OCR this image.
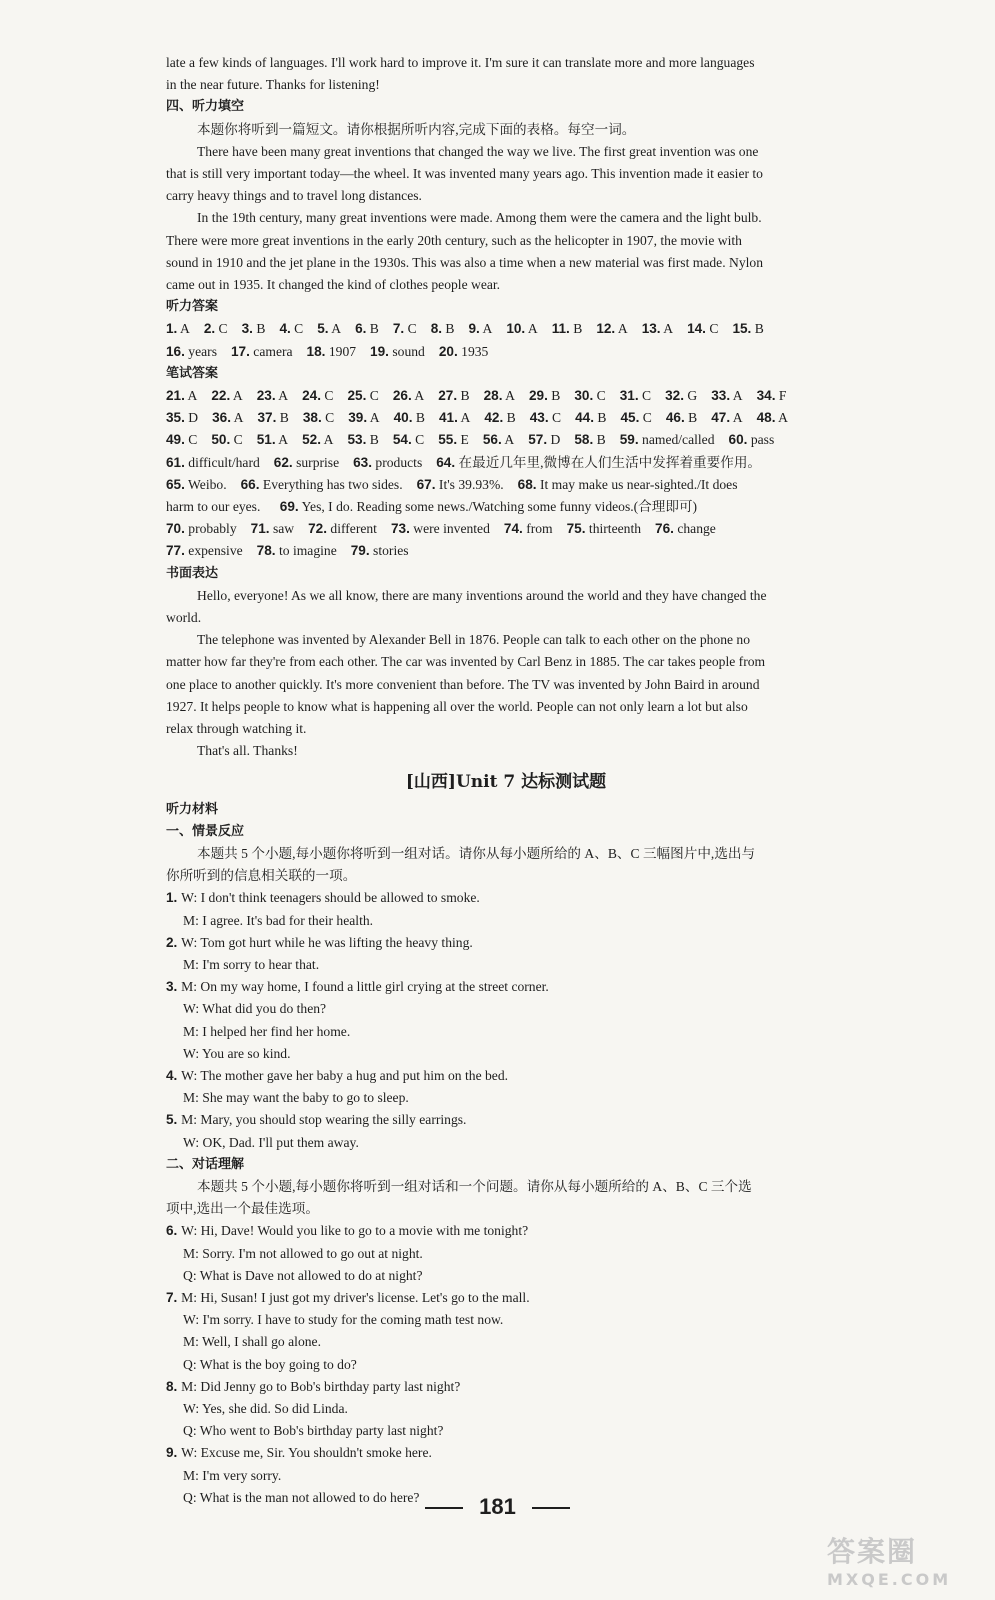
late a few kinds of languages. I'll work hard to improve it. I'm sure it can translate more and more languages
in the near future. Thanks for listening!
四、听力填空
本题你将听到一篇短文。请你根据所听内容,完成下面的表格。每空一词。
There have been many great inventions that changed the way we live. The first great invention was one
that is still very important today—the wheel. It was invented many years ago. This invention made it easier to
carry heavy things and to travel long distances.
In the 19th century, many great inventions were made. Among them were the camera and the light bulb.
There were more great inventions in the early 20th century, such as the helicopter in 1907, the movie with
sound in 1910 and the jet plane in the 1930s. This was also a time when a new material was first made. Nylon
came out in 1935. It changed the kind of clothes people wear.
听力答案
1. A 2. C 3. B 4. C 5. A 6. B 7. C 8. B 9. A 10. A 11. B 12. A 13. A 14. C 15. B
16. years 17. camera 18. 1907 19. sound 20. 1935
笔试答案
21. A 22. A 23. A 24. C 25. C 26. A 27. B 28. A 29. B 30. C 31. C 32. G 33. A 34. F
35. D 36. A 37. B 38. C 39. A 40. B 41. A 42. B 43. C 44. B 45. C 46. B 47. A 48. A
49. C 50. C 51. A 52. A 53. B 54. C 55. E 56. A 57. D 58. B 59. named/called 60. pass
61. difficult/hard 62. surprise 63. products 64. 在最近几年里,微博在人们生活中发挥着重要作用。
65. Weibo. 66. Everything has two sides. 67. It's 39.93%. 68. It may make us near-sighted./It does
harm to our eyes. 69. Yes, I do. Reading some news./Watching some funny videos.(合理即可)
70. probably 71. saw 72. different 73. were invented 74. from 75. thirteenth 76. change
77. expensive 78. to imagine 79. stories
书面表达
Hello, everyone! As we all know, there are many inventions around the world and they have changed the
world.
The telephone was invented by Alexander Bell in 1876. People can talk to each other on the phone no
matter how far they're from each other. The car was invented by Carl Benz in 1885. The car takes people from
one place to another quickly. It's more convenient than before. The TV was invented by John Baird in around
1927. It helps people to know what is happening all over the world. People can not only learn a lot but also
relax through watching it.
That's all. Thanks!
[山西]Unit 7 达标测试题
听力材料
一、情景反应
本题共 5 个小题,每小题你将听到一组对话。请你从每小题所给的 A、B、C 三幅图片中,选出与
你所听到的信息相关联的一项。
1. W: I don't think teenagers should be allowed to smoke.
M: I agree. It's bad for their health.
2. W: Tom got hurt while he was lifting the heavy thing.
M: I'm sorry to hear that.
3. M: On my way home, I found a little girl crying at the street corner.
W: What did you do then?
M: I helped her find her home.
W: You are so kind.
4. W: The mother gave her baby a hug and put him on the bed.
M: She may want the baby to go to sleep.
5. M: Mary, you should stop wearing the silly earrings.
W: OK, Dad. I'll put them away.
二、对话理解
本题共 5 个小题,每小题你将听到一组对话和一个问题。请你从每小题所给的 A、B、C 三个选
项中,选出一个最佳选项。
6. W: Hi, Dave! Would you like to go to a movie with me tonight?
M: Sorry. I'm not allowed to go out at night.
Q: What is Dave not allowed to do at night?
7. M: Hi, Susan! I just got my driver's license. Let's go to the mall.
W: I'm sorry. I have to study for the coming math test now.
M: Well, I shall go alone.
Q: What is the boy going to do?
8. M: Did Jenny go to Bob's birthday party last night?
W: Yes, she did. So did Linda.
Q: Who went to Bob's birthday party last night?
9. W: Excuse me, Sir. You shouldn't smoke here.
M: I'm very sorry.
Q: What is the man not allowed to do here?	181
答案圈
MXQE.COM
